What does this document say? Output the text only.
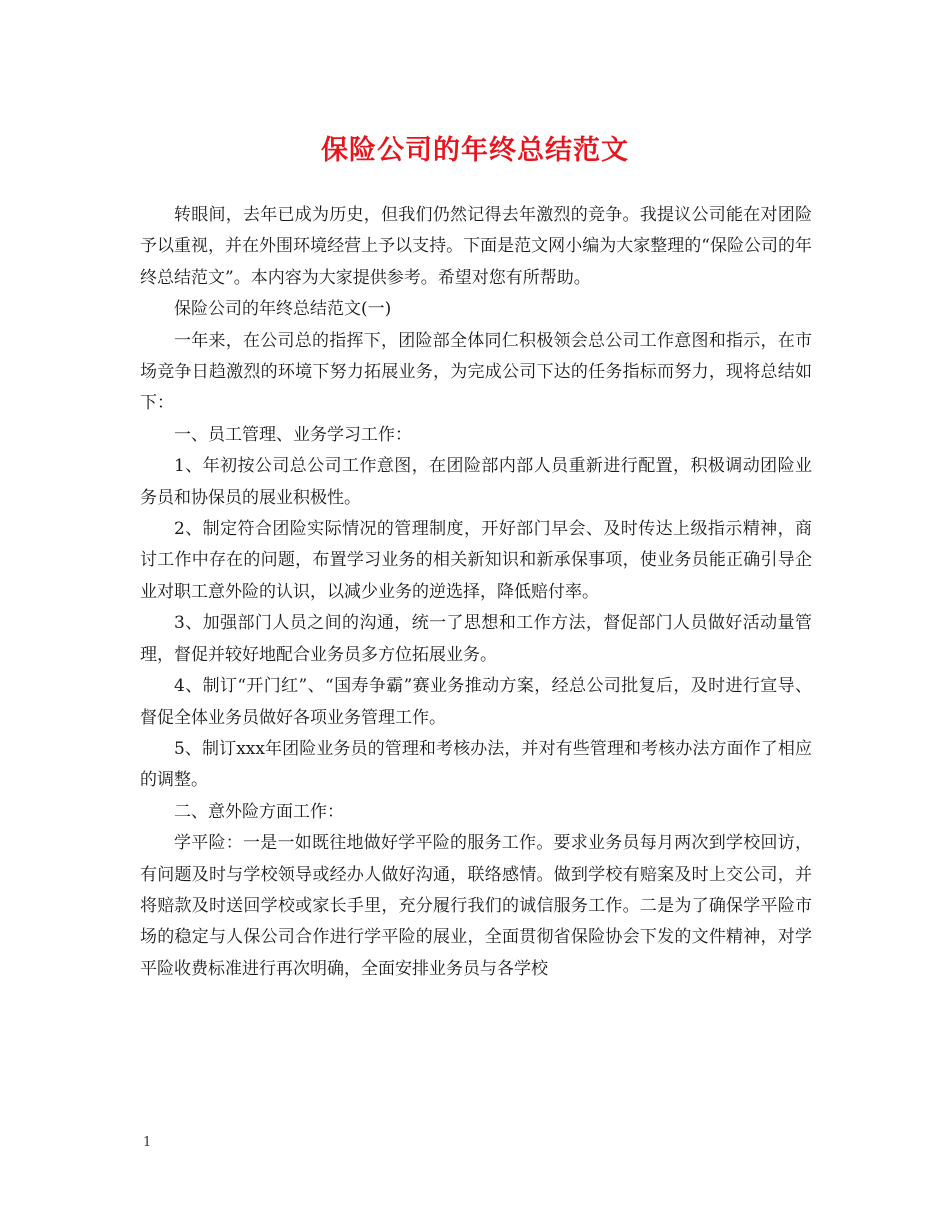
保险公司的年终总结范文

转眼间，去年已成为历史，但我们仍然记得去年激烈的竞争。我提议公司能在对团险予以重视，并在外围环境经营上予以支持。下面是范文网小编为大家整理的“保险公司的年终总结范文”。本内容为大家提供参考。希望对您有所帮助。

保险公司的年终总结范文(一)

一年来，在公司总的指挥下，团险部全体同仁积极领会总公司工作意图和指示，在市场竞争日趋激烈的环境下努力拓展业务，为完成公司下达的任务指标而努力，现将总结如下：

一、员工管理、业务学习工作：

1、年初按公司总公司工作意图，在团险部内部人员重新进行配置，积极调动团险业务员和协保员的展业积极性。

2、制定符合团险实际情况的管理制度，开好部门早会、及时传达上级指示精神，商讨工作中存在的问题，布置学习业务的相关新知识和新承保事项，使业务员能正确引导企业对职工意外险的认识，以减少业务的逆选择，降低赔付率。

3、加强部门人员之间的沟通，统一了思想和工作方法，督促部门人员做好活动量管理，督促并较好地配合业务员多方位拓展业务。

4、制订“开门红”、“国寿争霸”赛业务推动方案，经总公司批复后，及时进行宣导、督促全体业务员做好各项业务管理工作。

5、制订xxx年团险业务员的管理和考核办法，并对有些管理和考核办法方面作了相应的调整。

二、意外险方面工作：

学平险：一是一如既往地做好学平险的服务工作。要求业务员每月两次到学校回访，有问题及时与学校领导或经办人做好沟通，联络感情。做到学校有赔案及时上交公司，并将赔款及时送回学校或家长手里，充分履行我们的诚信服务工作。二是为了确保学平险市场的稳定与人保公司合作进行学平险的展业，全面贯彻省保险协会下发的文件精神，对学平险收费标准进行再次明确，全面安排业务员与各学校

1
